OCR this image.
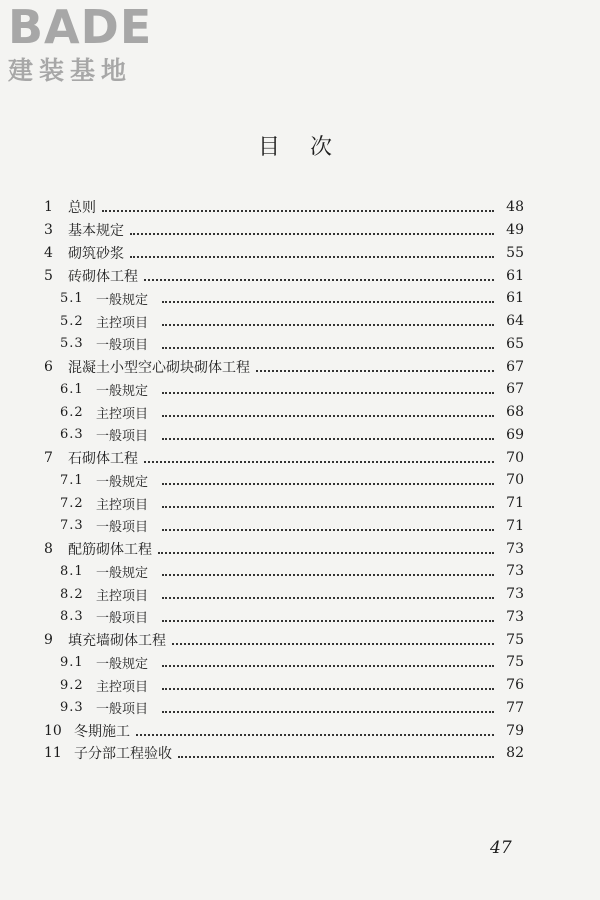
BADE
建装基地
目次
1	总则	48
3	基本规定	49
4	砌筑砂浆	55
5	砖砌体工程	61
5.1 一般规定	61
5.2 主控项目	64
5.3 一般项目	65
6	混凝土小型空心砌块砌体工程	67
6.1 一般规定	67
6.2 主控项目	68
6.3 一般项目	69
7	石砌体工程	70
7.1 一般规定	70
7.2 主控项目	71
7.3 一般项目	71
8	配筋砌体工程	73
8.1 一般规定	73
8.2 主控项目	73
8.3 一般项目	73
9	填充墙砌体工程	75
9.1 一般规定	75
9.2 主控项目	76
9.3 一般项目	77
10 冬期施工	79
11 子分部工程验收	82
47
